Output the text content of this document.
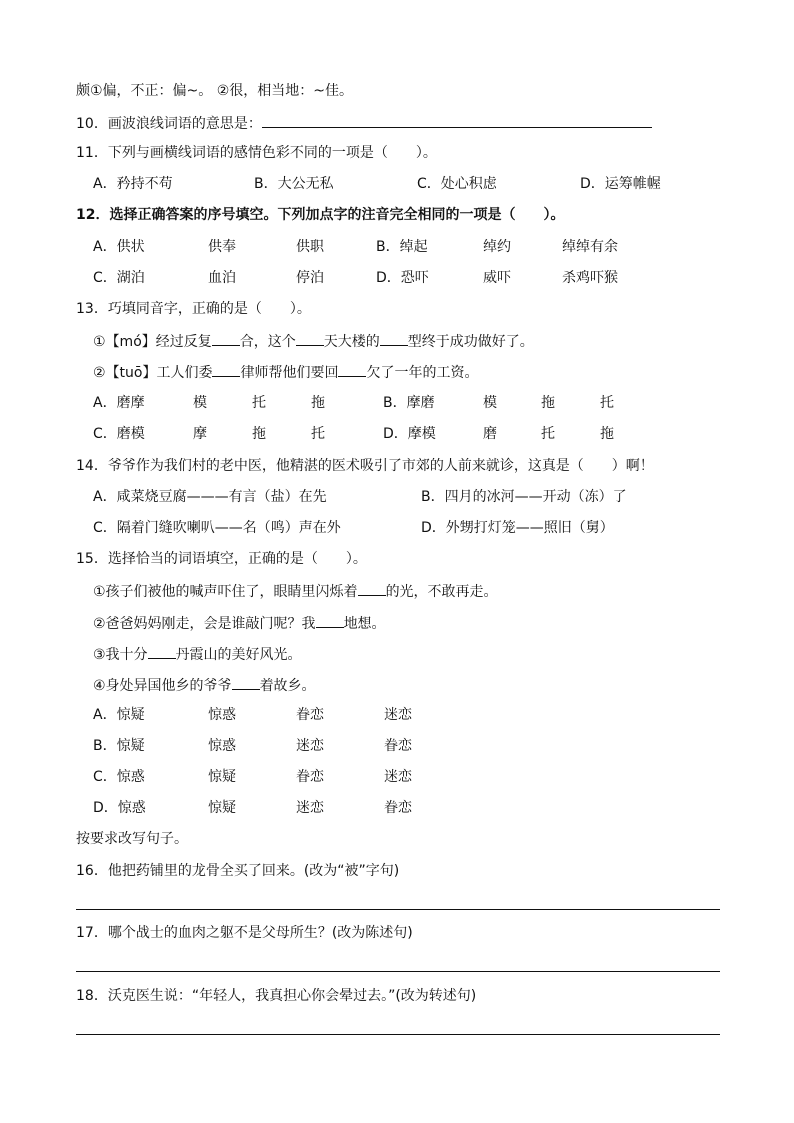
颇①偏，不正：偏~。 ②很，相当地：~佳。
10．画波浪线词语的意思是：
11．下列与画横线词语的感情色彩不同的一项是（　　）。
A．矜持不苟	B．大公无私	C．处心积虑	D．运筹帷幄
12．选择正确答案的序号填空。下列加点字的注音完全相同的一项是（　　）。
A．供状	供奉	供职	B．绰起	绰约	绰绰有余
C．湖泊	血泊	停泊	D．恐吓	威吓	杀鸡吓猴
13．巧填同音字，正确的是（　　）。
①【mó】经过反复 合，这个 天大楼的 型终于成功做好了。
②【tuō】工人们委 律师帮他们要回 欠了一年的工资。
A．磨摩	模	托	拖	B．摩磨	模	拖	托
C．磨模	摩	拖	托	D．摩模	磨	托	拖
14．爷爷作为我们村的老中医，他精湛的医术吸引了市郊的人前来就诊，这真是（　　）啊！
A．咸菜烧豆腐———有言（盐）在先	B．四月的冰河——开动（冻）了
C．隔着门缝吹喇叭——名（鸣）声在外	D．外甥打灯笼——照旧（舅）
15．选择恰当的词语填空，正确的是（　　）。
①孩子们被他的喊声吓住了，眼睛里闪烁着 的光，不敢再走。
②爸爸妈妈刚走，会是谁敲门呢？我 地想。
③我十分 丹霞山的美好风光。
④身处异国他乡的爷爷 着故乡。
A．惊疑	惊惑	眷恋	迷恋
B．惊疑	惊惑	迷恋	眷恋
C．惊惑	惊疑	眷恋	迷恋
D．惊惑	惊疑	迷恋	眷恋
按要求改写句子。
16．他把药铺里的龙骨全买了回来。(改为“被”字句)
17．哪个战士的血肉之躯不是父母所生？(改为陈述句)
18．沃克医生说：“年轻人，我真担心你会晕过去。”(改为转述句)
